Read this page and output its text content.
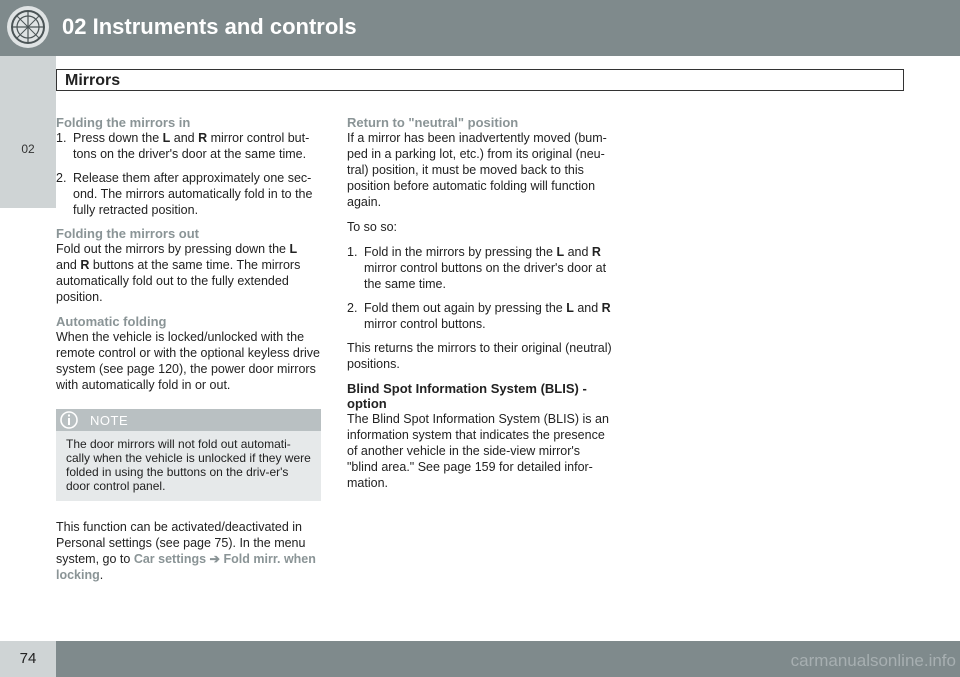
02 Instruments and controls
02
Mirrors
Folding the mirrors in
1. Press down the L and R mirror control but-tons on the driver's door at the same time.
2. Release them after approximately one sec-ond. The mirrors automatically fold in to the fully retracted position.
Folding the mirrors out

Fold out the mirrors by pressing down the L and R buttons at the same time. The mirrors automatically fold out to the fully extended position.

Automatic folding

When the vehicle is locked/unlocked with the remote control or with the optional keyless drive system (see page 120), the power door mirrors with automatically fold in or out.

NOTE
The door mirrors will not fold out automati-cally when the vehicle is unlocked if they were folded in using the buttons on the driv-er's door control panel.

This function can be activated/deactivated in Personal settings (see page 75). In the menu system, go to Car settings ➔ Fold mirr. when locking.

Return to "neutral" position

If a mirror has been inadvertently moved (bum-ped in a parking lot, etc.) from its original (neu-tral) position, it must be moved back to this position before automatic folding will function again.

To so so:

1. Fold in the mirrors by pressing the L and R mirror control buttons on the driver's door at the same time.
2. Fold them out again by pressing the L and R mirror control buttons.

This returns the mirrors to their original (neutral) positions.

Blind Spot Information System (BLIS) - option

The Blind Spot Information System (BLIS) is an information system that indicates the presence of another vehicle in the side-view mirror's "blind area." See page 159 for detailed infor-mation.

74	carmanualsonline.info
